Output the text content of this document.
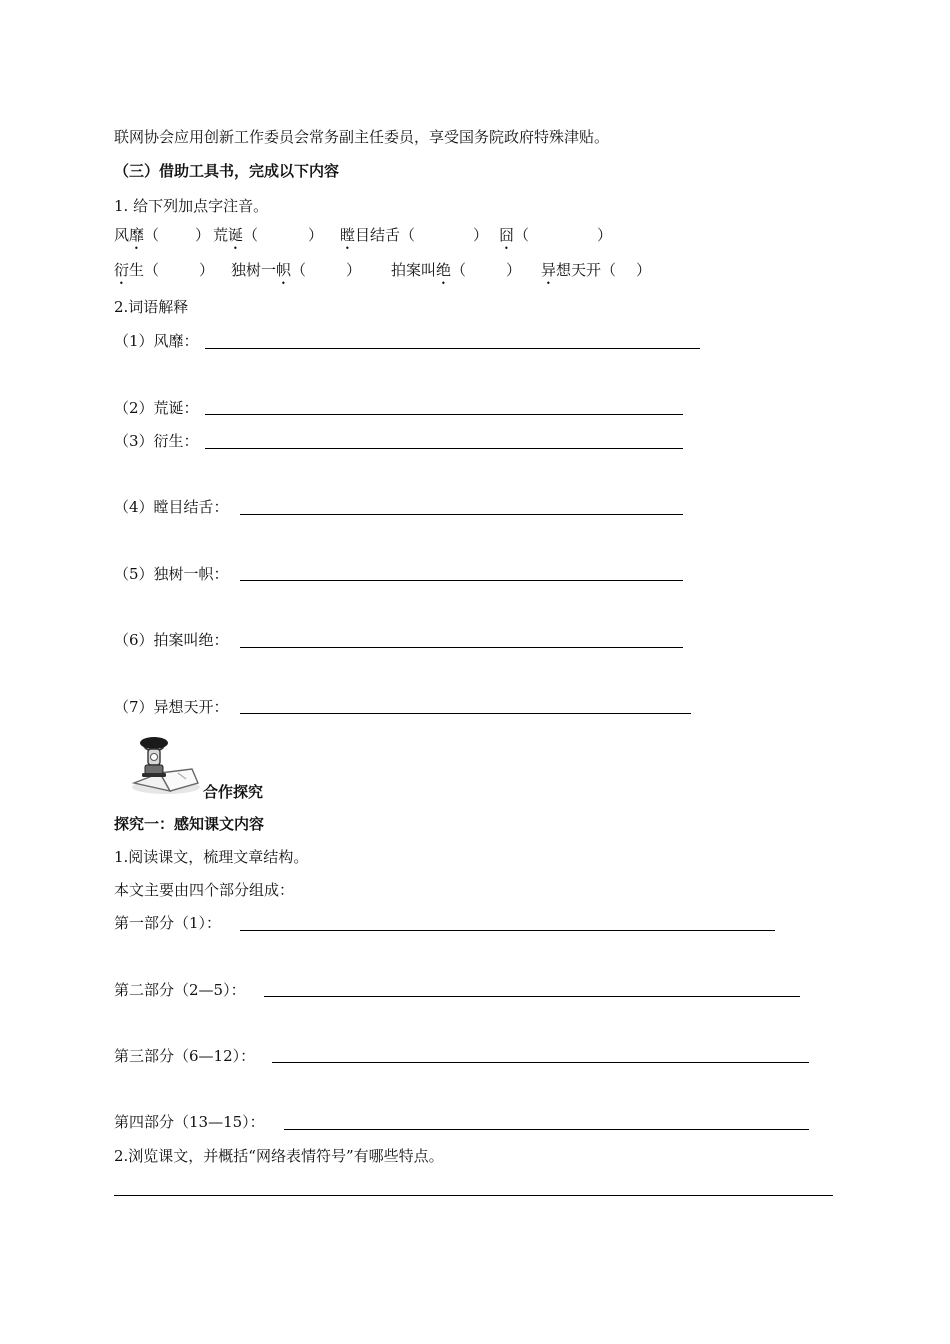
联网协会应用创新工作委员会常务副主任委员，享受国务院政府特殊津贴。
（三）借助工具书，完成以下内容
1. 给下列加点字注音。
风靡（ ） 荒诞（	） 瞠目结舌（	） 囧（	）
衍生（	） 独树一帜（	） 拍案叫绝（	） 异想天开（ ）
2.词语解释
（1）风靡：
（2）荒诞：
（3）衍生：
（4）瞠目结舌：
（5）独树一帜：
（6）拍案叫绝：
（7）异想天开：
合作探究
探究一：感知课文内容
1.阅读课文，梳理文章结构。
本文主要由四个部分组成：
第一部分（1）：
第二部分（2—5）：
第三部分（6—12）：
第四部分（13—15）：
2.浏览课文，并概括“网络表情符号”有哪些特点。
